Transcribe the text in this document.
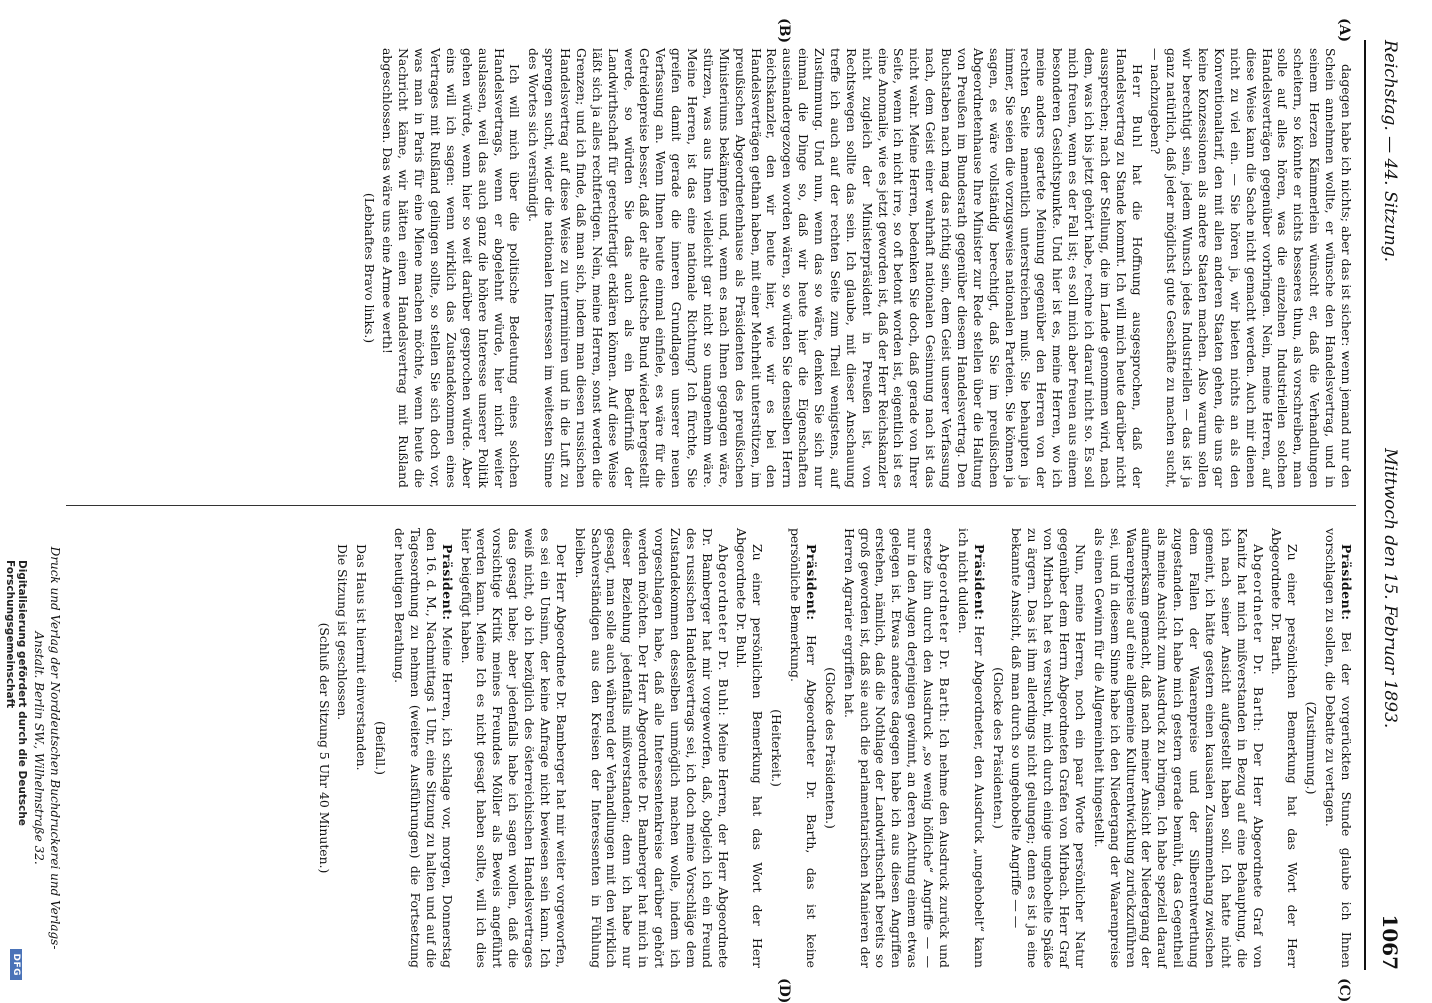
Reichstag. — 44. Sitzung.
Mittwoch den 15. Februar 1893.
1067
(A)
(B)
(C)
(D)

dagegen habe ich nichts; aber das ist sicher: wenn jemand nur den Schein annehmen wollte, er wünsche den Handelsvertrag, und in seinem Herzen Kämmerlein wünscht er, daß die Verhandlungen scheitern, so könnte er nichts besseres thun, als vorschreiben, man solle auf alles hören, was die einzelnen Industriellen solchen Handelsverträgen gegenüber vorbringen. Nein, meine Herren, auf diese Weise kann die Sache nicht gemacht werden. Auch mir dienen nicht zu viel ein. — Sie hören ja, wir bieten nichts an als den Konventionaltarif, den mit allen anderen Staaten gehen, die uns gar keine Konzessionen als andere Staaten machen. Also warum sollen wir berechtigt sein, jedem Wunsch jedes Industriellen — das ist ja ganz natürlich, daß jeder möglichst gute Geschäfte zu machen sucht, — nachzugeben?

Herr Buhl hat die Hoffnung ausgesprochen, daß der Handelsvertrag zu Stande kommt. Ich will mich heute darüber nicht aussprechen; nach der Stellung, die im Lande genommen wird, nach dem, was ich bis jetzt gehört habe, rechne ich darauf nicht so. Es soll mich freuen, wenn es der Fall ist; es soll mich aber freuen aus einem besonderen Gesichtspunkte. Und hier ist es, meine Herren, wo ich meine anders geartete Meinung gegenüber den Herren von der rechten Seite namentlich unterstreichen muß: Sie behaupten ja immer, Sie seien die vorzugsweise nationalen Parteien. Sie können ja sagen, es wäre vollständig berechtigt, daß Sie im preußischen Abgeordnetenhause Ihre Minister zur Rede stellen über die Haltung von Preußen im Bundesrath gegenüber diesem Handelsvertrag. Den Buchstaben nach mag das richtig sein, dem Geist unserer Verfassung nach, dem Geist einer wahrhaft nationalen Gesinnung nach ist das nicht wahr. Meine Herren, bedenken Sie doch, daß gerade von Ihrer Seite, wenn ich nicht irre, so oft betont worden ist, eigentlich ist es eine Anomalie, wie es jetzt geworden ist, daß der Herr Reichskanzler nicht zugleich der Ministerpräsident in Preußen ist, von Rechtswegen sollte das sein. Ich glaube, mit dieser Anschauung treffe ich auch auf der rechten Seite zum Theil wenigstens, auf Zustimmung. Und nun, wenn das so wäre, denken Sie sich nur einmal die Dinge so, daß wir heute hier die Eigenschaften auseinandergezogen worden wären, so würden Sie denselben Herrn Reichskanzler, den wir heute hier, wie wir es bei den Handelsverträgen gethan haben, mit einer Mehrheit unterstützen, im preußischen Abgeordnetenhause als Präsidenten des preußischen Ministeriums bekämpfen und, wenn es nach Ihnen gegangen wäre, stürzen, was aus Ihnen vielleicht gar nicht so unangenehm wäre. Meine Herren, ist das eine nationale Richtung? Ich fürchte, Sie greifen damit gerade die inneren Grundlagen unserer neuen Verfassung an. Wenn Ihnen heute einmal einfiele, es wäre für die Getreidepreise besser, daß der alte deutsche Bund wieder hergestellt werde, so würden Sie das auch als ein Bedürfniß der Landwirthschaft für gerechtfertigt erklären können. Auf diese Weise läßt sich ja alles rechtfertigen. Nein, meine Herren, sonst werden die Grenzen; und ich finde, daß man sich, indem man diesen russischen Handelsvertrag auf diese Weise zu unterminiren und in die Luft zu sprengen sucht, wider die nationalen Interessen im weitesten Sinne des Wortes sich versündigt.

Ich will mich über die politische Bedeutung eines solchen Handelsvertrags, wenn er abgelehnt würde, hier nicht weiter auslassen, weil das auch ganz die höhere Interesse unserer Politik gehen würde, wenn hier so weit darüber gesprochen würde. Aber eins will ich sagen: wenn wirklich das Zustandekommen eines Vertrages mit Rußland gelingen sollte, so stellen Sie sich doch vor, was man in Paris für eine Miene machen möchte, wenn heute die Nachricht käme, wir hätten einen Handelsvertrag mit Rußland abgeschlossen. Das wäre uns eine Armee werth!

(Lebhaftes Bravo links.)

Präsident: Bei der vorgerückten Stunde glaube ich Ihnen vorschlagen zu sollen, die Debatte zu vertagen.

(Zustimmung.)

Zu einer persönlichen Bemerkung hat das Wort der Herr Abgeordnete Dr. Barth.

Abgeordneter Dr. Barth: Der Herr Abgeordnete Graf von Kanitz hat mich mißverstanden in Bezug auf eine Behauptung, die ich nach seiner Ansicht aufgestellt haben soll. Ich hatte nicht gemeint, ich hätte gestern einen kausalen Zusammenhang zwischen dem Fallen der Waarenpreise und der Silberentwerthung zugestanden. Ich habe mich gestern gerade bemüht, das Gegentheil als meine Ansicht zum Ausdruck zu bringen. Ich habe speziell darauf aufmerksam gemacht, daß nach meiner Ansicht der Niedergang der Waarenpreise auf eine allgemeine Kulturentwicklung zurückzuführen sei, und in diesem Sinne habe ich den Niedergang der Waarenpreise als einen Gewinn für die Allgemeinheit hingestellt.

Nun, meine Herren, noch ein paar Worte persönlicher Natur gegenüber dem Herrn Abgeordneten Grafen von Mirbach. Herr Graf von Mirbach hat es versucht, mich durch einige ungehobelte Späße zu ärgern. Das ist ihm allerdings nicht gelungen; denn es ist ja eine bekannte Ansicht, daß man durch so ungehobelte Angriffe — —

(Glocke des Präsidenten.)

Präsident: Herr Abgeordneter, den Ausdruck „ungehobelt“ kann ich nicht dulden.

Abgeordneter Dr. Barth: Ich nehme den Ausdruck zurück und ersetze ihn durch den Ausdruck „so wenig höfliche“ Angriffe — — nur in den Augen derjenigen gewinnt, an deren Achtung einem etwas gelegen ist. Etwas anderes dagegen habe ich aus diesen Angriffen erstehen, nämlich, daß die Nothlage der Landwirthschaft bereits so groß geworden ist, daß sie auch die parlamentarischen Manieren der Herren Agrarier ergriffen hat.

(Glocke des Präsidenten.)

Präsident: Herr Abgeordneter Dr. Barth, das ist keine persönliche Bemerkung.

(Heiterkeit.)

Zu einer persönlichen Bemerkung hat das Wort der Herr Abgeordnete Dr. Buhl.

Abgeordneter Dr. Buhl: Meine Herren, der Herr Abgeordnete Dr. Bamberger hat mir vorgeworfen, daß, obgleich ich ein Freund des russischen Handelsvertrags sei, ich doch meine Vorschläge dem Zustandekommen desselben unmöglich machen wolle, indem ich vorgeschlagen habe, daß alle Interessentenkreise darüber gehört werden möchten. Der Herr Abgeordnete Dr. Bamberger hat mich in dieser Beziehung jedenfalls mißverstanden; denn ich habe nur gesagt, man solle auch während der Verhandlungen mit den wirklich Sachverständigen aus den Kreisen der Interessenten in Fühlung bleiben.

Der Herr Abgeordnete Dr. Bamberger hat mir weiter vorgeworfen, es sei ein Unsinn, der keine Anfrage nicht bewiesen sein kann. Ich weiß nicht, ob ich bezüglich des österreichischen Handelsvertrages das gesagt habe; aber jedenfalls habe ich sagen wollen, daß die vorsichtige Kritik meines Freundes Möller als Beweis angeführt werden kann. Meine Ich es nicht gesagt haben sollte, will ich dies hier beigefügt haben.

Präsident: Meine Herren, ich schlage vor, morgen, Donnerstag den 16. d. M., Nachmittags 1 Uhr, eine Sitzung zu halten und auf die Tagesordnung zu nehmen (weitere Ausführungen) die Fortsetzung der heutigen Berathung.

(Beifall.)

Das Haus ist hiermit einverstanden.

Die Sitzung ist geschlossen.

(Schluß der Sitzung 5 Uhr 40 Minuten.)

Druck und Verlag der Norddeutschen Buchdruckerei und Verlags-Anstalt. Berlin SW., Wilhelmstraße 32.
Digitalisierung gefördert durch die Deutsche Forschungsgemeinschaft
DFG
